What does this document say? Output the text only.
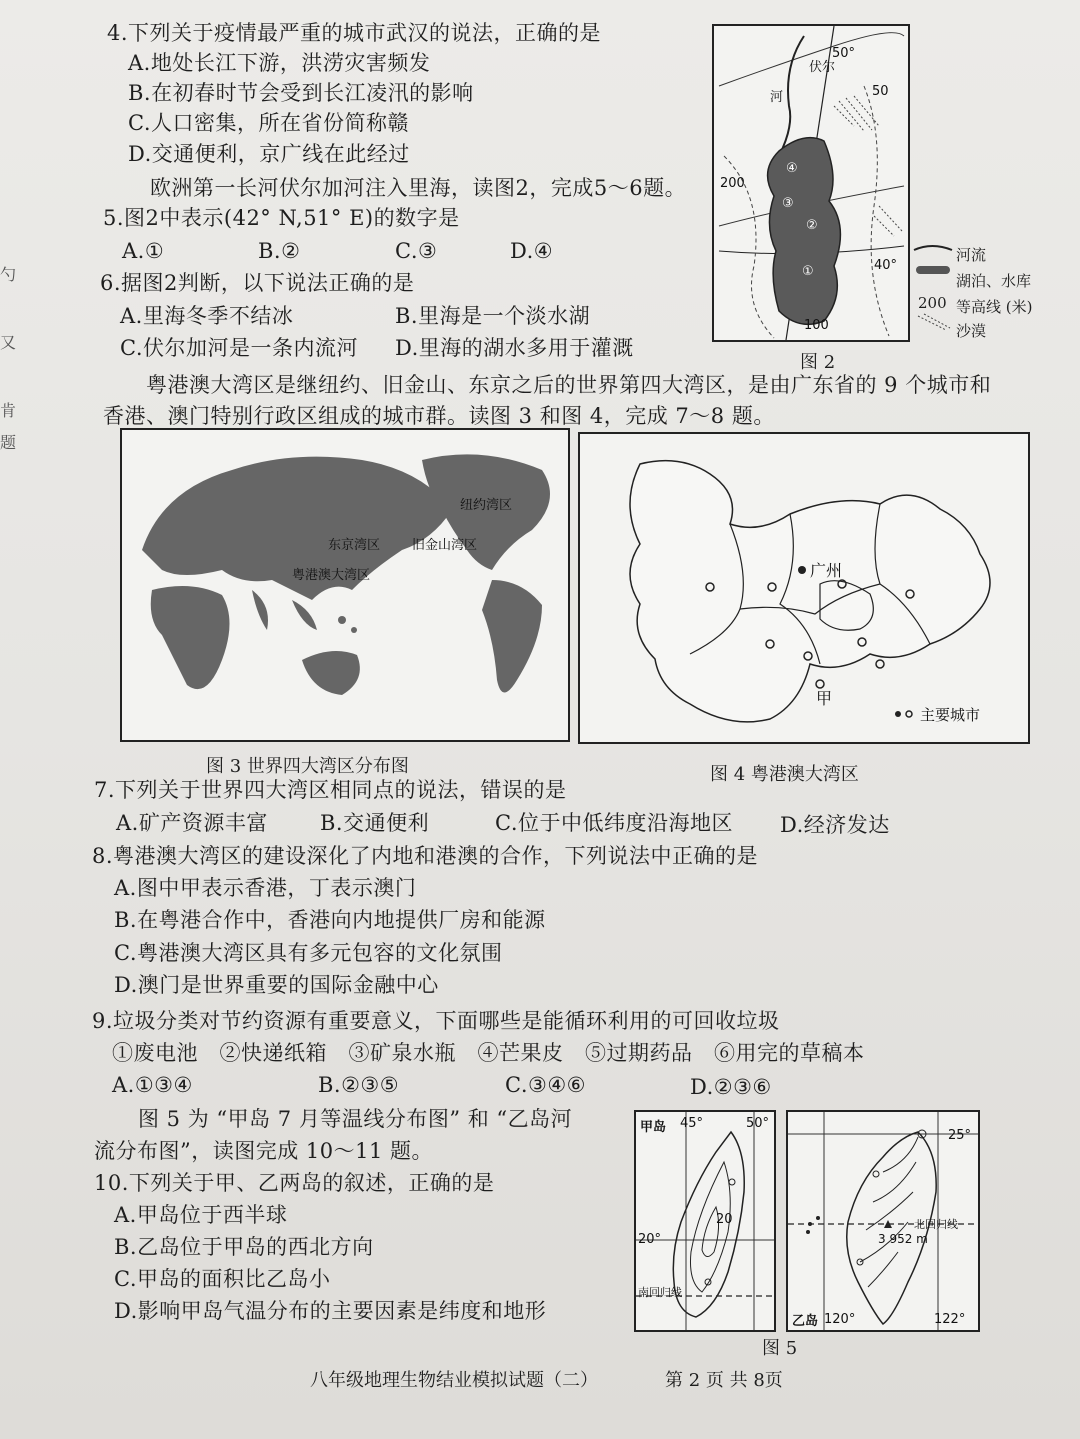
勺
又
肯
题
4.下列关于疫情最严重的城市武汉的说法，正确的是
A.地处长江下游，洪涝灾害频发
B.在初春时节会受到长江凌汛的影响
C.人口密集，所在省份简称赣
D.交通便利，京广线在此经过
欧洲第一长河伏尔加河注入里海，读图2，完成5～6题。
5.图2中表示(42° N,51° E)的数字是
A.①	B.②	C.③	D.④
6.据图2判断，以下说法正确的是
A.里海冬季不结冰	B.里海是一个淡水湖
C.伏尔加河是一条内流河 D.里海的湖水多用于灌溉
伏尔
河
50°
50
40°
200
100
④
③
②
①
河流
湖泊、水库
200 等高线 (米)
沙漠
图 2
粤港澳大湾区是继纽约、旧金山、东京之后的世界第四大湾区，是由广东省的 9 个城市和
香港、澳门特别行政区组成的城市群。读图 3 和图 4，完成 7～8 题。
纽约湾区
东京湾区 旧金山湾区
粤港澳大湾区
图 3 世界四大湾区分布图
广州
甲
主要城市
图 4 粤港澳大湾区
7.下列关于世界四大湾区相同点的说法，错误的是
A.矿产资源丰富 B.交通便利	C.位于中低纬度沿海地区 D.经济发达
8.粤港澳大湾区的建设深化了内地和港澳的合作，下列说法中正确的是
A.图中甲表示香港，丁表示澳门
B.在粤港合作中，香港向内地提供厂房和能源
C.粤港澳大湾区具有多元包容的文化氛围
D.澳门是世界重要的国际金融中心
9.垃圾分类对节约资源有重要意义，下面哪些是能循环利用的可回收垃圾
①废电池　②快递纸箱　③矿泉水瓶　④芒果皮　⑤过期药品　⑥用完的草稿本
A.①③④	B.②③⑤	C.③④⑥	D.②③⑥
图 5 为 “甲岛 7 月等温线分布图” 和 “乙岛河
流分布图”，读图完成 10～11 题。
10.下列关于甲、乙两岛的叙述，正确的是
A.甲岛位于西半球
B.乙岛位于甲岛的西北方向
C.甲岛的面积比乙岛小
D.影响甲岛气温分布的主要因素是纬度和地形
甲岛 45°	50°
20°
20
南回归线
25°
北回归线
3 952 m
乙岛 120°	122°
图 5
八年级地理生物结业模拟试题（二）	第 2 页 共 8页
